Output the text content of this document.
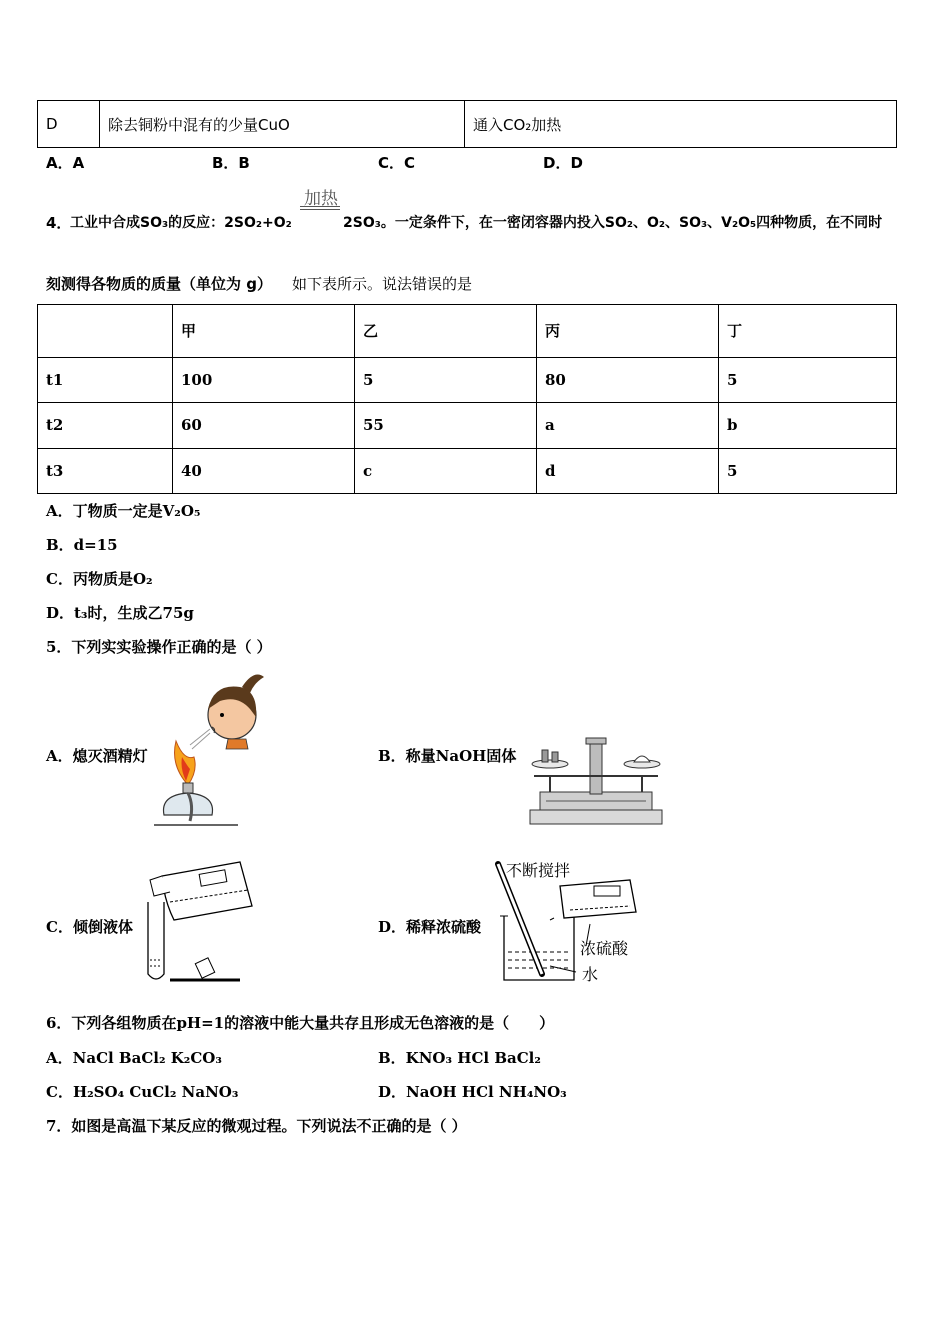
D	除去铜粉中混有的少量CuO	通入CO₂加热
A．A	B．B	C．C	D．D
加热
4．
工业中合成SO₃的反应：2SO₂+O₂	2SO₃。一定条件下，在一密闭容器内投入SO₂、O₂、SO₃、V₂O₅四种物质，在不同时
刻测得各物质的质量（单位为 g） 如下表所示。说法错误的是
	甲	乙	丙	丁
t1	100	5	80	5
t2	60	55	a	b
t3	40	c	d	5
A．丁物质一定是V₂O₅
B．d=15
C．丙物质是O₂
D．t₃时，生成乙75g
5．下列实实验操作正确的是（ ）
A．熄灭酒精灯	B．称量NaOH固体
C．倾倒液体	D．稀释浓硫酸
不断搅拌
浓硫酸
水
6．下列各组物质在pH=1的溶液中能大量共存且形成无色溶液的是（　　）
A．NaCl BaCl₂ K₂CO₃	B．KNO₃ HCl BaCl₂
C．H₂SO₄ CuCl₂ NaNO₃	D．NaOH HCl NH₄NO₃
7．如图是高温下某反应的微观过程。下列说法不正确的是（ ）
